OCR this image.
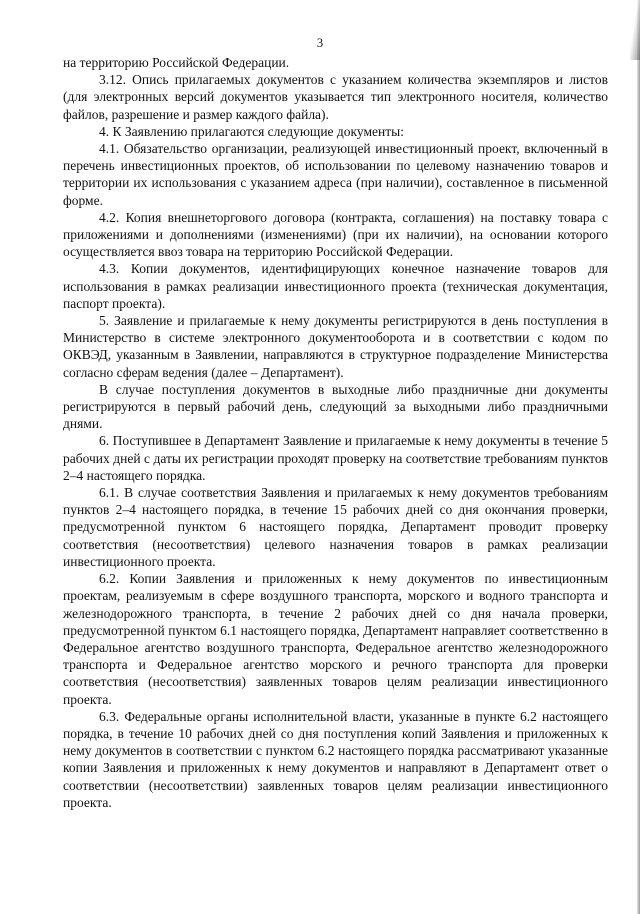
3

на территорию Российской Федерации.

3.12. Опись прилагаемых документов с указанием количества экземпляров и листов (для электронных версий документов указывается тип электронного носителя, количество файлов, разрешение и размер каждого файла).

4. К Заявлению прилагаются следующие документы:

4.1. Обязательство организации, реализующей инвестиционный проект, включенный в перечень инвестиционных проектов, об использовании по целевому назначению товаров и территории их использования с указанием адреса (при наличии), составленное в письменной форме.

4.2. Копия внешнеторгового договора (контракта, соглашения) на поставку товара с приложениями и дополнениями (изменениями) (при их наличии), на основании которого осуществляется ввоз товара на территорию Российской Федерации.

4.3. Копии документов, идентифицирующих конечное назначение товаров для использования в рамках реализации инвестиционного проекта (техническая документация, паспорт проекта).

5. Заявление и прилагаемые к нему документы регистрируются в день поступления в Министерство в системе электронного документооборота и в соответствии с кодом по ОКВЭД, указанным в Заявлении, направляются в структурное подразделение Министерства согласно сферам ведения (далее – Департамент).

В случае поступления документов в выходные либо праздничные дни документы регистрируются в первый рабочий день, следующий за выходными либо праздничными днями.

6. Поступившее в Департамент Заявление и прилагаемые к нему документы в течение 5 рабочих дней с даты их регистрации проходят проверку на соответствие требованиям пунктов 2–4 настоящего порядка.

6.1. В случае соответствия Заявления и прилагаемых к нему документов требованиям пунктов 2–4 настоящего порядка, в течение 15 рабочих дней со дня окончания проверки, предусмотренной пунктом 6 настоящего порядка, Департамент проводит проверку соответствия (несоответствия) целевого назначения товаров в рамках реализации инвестиционного проекта.

6.2. Копии Заявления и приложенных к нему документов по инвестиционным проектам, реализуемым в сфере воздушного транспорта, морского и водного транспорта и железнодорожного транспорта, в течение 2 рабочих дней со дня начала проверки, предусмотренной пунктом 6.1 настоящего порядка, Департамент направляет соответственно в Федеральное агентство воздушного транспорта, Федеральное агентство железнодорожного транспорта и Федеральное агентство морского и речного транспорта для проверки соответствия (несоответствия) заявленных товаров целям реализации инвестиционного проекта.

6.3. Федеральные органы исполнительной власти, указанные в пункте 6.2 настоящего порядка, в течение 10 рабочих дней со дня поступления копий Заявления и приложенных к нему документов в соответствии с пунктом 6.2 настоящего порядка рассматривают указанные копии Заявления и приложенных к нему документов и направляют в Департамент ответ о соответствии (несоответствии) заявленных товаров целям реализации инвестиционного проекта.
